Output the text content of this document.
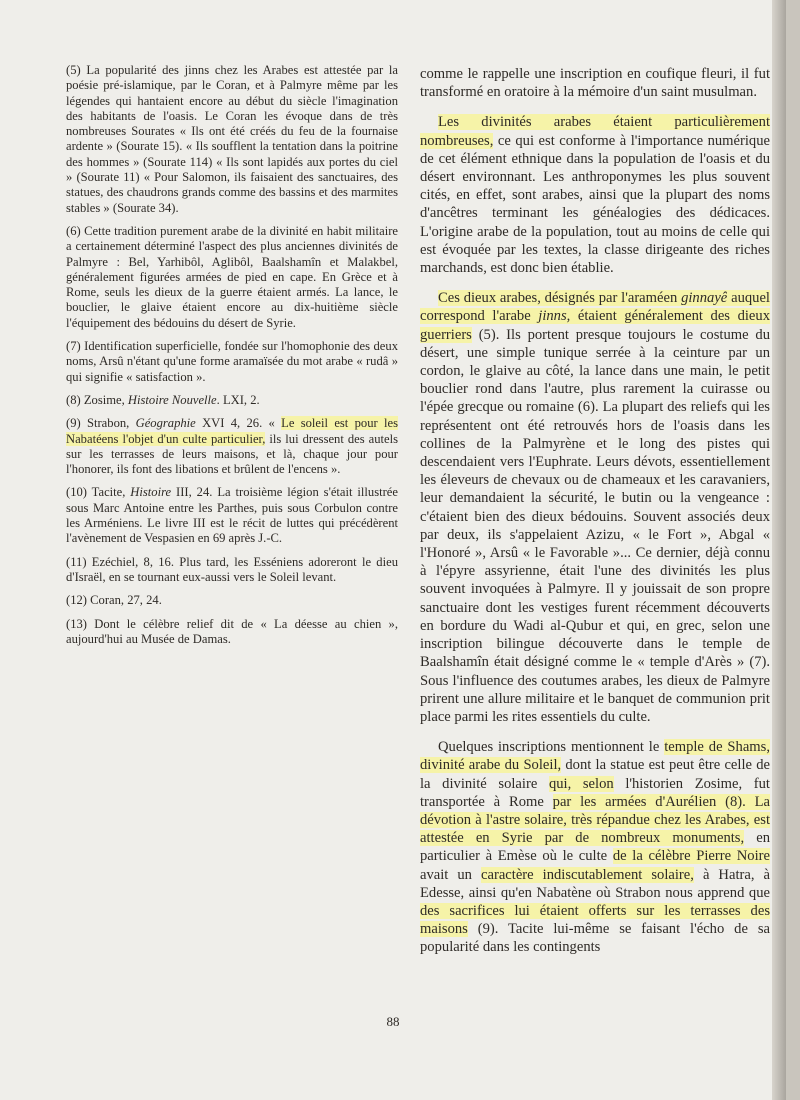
(5) La popularité des jinns chez les Arabes est attestée par la poésie pré-islamique, par le Coran, et à Palmyre même par les légendes qui hantaient encore au début du siècle l'imagination des habitants de l'oasis. Le Coran les évoque dans de très nombreuses Sourates « Ils ont été créés du feu de la fournaise ardente » (Sourate 15). « Ils soufflent la tentation dans la poitrine des hommes » (Sourate 114) « Ils sont lapidés aux portes du ciel » (Sourate 11) « Pour Salomon, ils faisaient des sanctuaires, des statues, des chaudrons grands comme des bassins et des marmites stables » (Sourate 34).

(6) Cette tradition purement arabe de la divinité en habit militaire a certainement déterminé l'aspect des plus anciennes divinités de Palmyre : Bel, Yarhibôl, Aglibôl, Baalshamîn et Malakbel, généralement figurées armées de pied en cape. En Grèce et à Rome, seuls les dieux de la guerre étaient armés. La lance, le bouclier, le glaive étaient encore au dix-huitième siècle l'équipement des bédouins du désert de Syrie.

(7) Identification superficielle, fondée sur l'homophonie des deux noms, Arsû n'étant qu'une forme aramaïsée du mot arabe « rudâ » qui signifie « satisfaction ».

(8) Zosime, Histoire Nouvelle. LXI, 2.

(9) Strabon, Géographie XVI 4, 26. « Le soleil est pour les Nabatéens l'objet d'un culte particulier, ils lui dressent des autels sur les terrasses de leurs maisons, et là, chaque jour pour l'honorer, ils font des libations et brûlent de l'encens ».

(10) Tacite, Histoire III, 24. La troisième légion s'était illustrée sous Marc Antoine entre les Parthes, puis sous Corbulon contre les Arméniens. Le livre III est le récit de luttes qui précédèrent l'avènement de Vespasien en 69 après J.-C.

(11) Ezéchiel, 8, 16. Plus tard, les Esséniens adoreront le dieu d'Israël, en se tournant eux-aussi vers le Soleil levant.

(12) Coran, 27, 24.

(13) Dont le célèbre relief dit de « La déesse au chien », aujourd'hui au Musée de Damas.

comme le rappelle une inscription en coufique fleuri, il fut transformé en oratoire à la mémoire d'un saint musulman.

Les divinités arabes étaient particulièrement nombreuses, ce qui est conforme à l'importance numérique de cet élément ethnique dans la population de l'oasis et du désert environnant. Les anthroponymes les plus souvent cités, en effet, sont arabes, ainsi que la plupart des noms d'ancêtres terminant les généalogies des dédicaces. L'origine arabe de la population, tout au moins de celle qui est évoquée par les textes, la classe dirigeante des riches marchands, est donc bien établie.

Ces dieux arabes, désignés par l'araméen ginnayê auquel correspond l'arabe jinns, étaient généralement des dieux guerriers (5). Ils portent presque toujours le costume du désert, une simple tunique serrée à la ceinture par un cordon, le glaive au côté, la lance dans une main, le petit bouclier rond dans l'autre, plus rarement la cuirasse ou l'épée grecque ou romaine (6). La plupart des reliefs qui les représentent ont été retrouvés hors de l'oasis dans les collines de la Palmyrène et le long des pistes qui descendaient vers l'Euphrate. Leurs dévots, essentiellement les éleveurs de chevaux ou de chameaux et les caravaniers, leur demandaient la sécurité, le butin ou la vengeance : c'étaient bien des dieux bédouins. Souvent associés deux par deux, ils s'appelaient Azizu, « le Fort », Abgal « l'Honoré », Arsû « le Favorable »... Ce dernier, déjà connu à l'épyre assyrienne, était l'une des divinités les plus souvent invoquées à Palmyre. Il y jouissait de son propre sanctuaire dont les vestiges furent récemment découverts en bordure du Wadi al-Qubur et qui, en grec, selon une inscription bilingue découverte dans le temple de Baalshamîn était désigné comme le « temple d'Arès » (7). Sous l'influence des coutumes arabes, les dieux de Palmyre prirent une allure militaire et le banquet de communion prit place parmi les rites essentiels du culte.

Quelques inscriptions mentionnent le temple de Shams, divinité arabe du Soleil, dont la statue est peut être celle de la divinité solaire qui, selon l'historien Zosime, fut transportée à Rome par les armées d'Aurélien (8). La dévotion à l'astre solaire, très répandue chez les Arabes, est attestée en Syrie par de nombreux monuments, en particulier à Emèse où le culte de la célèbre Pierre Noire avait un caractère indiscutablement solaire, à Hatra, à Edesse, ainsi qu'en Nabatène où Strabon nous apprend que des sacrifices lui étaient offerts sur les terrasses des maisons (9). Tacite lui-même se faisant l'écho de sa popularité dans les contingents

88
